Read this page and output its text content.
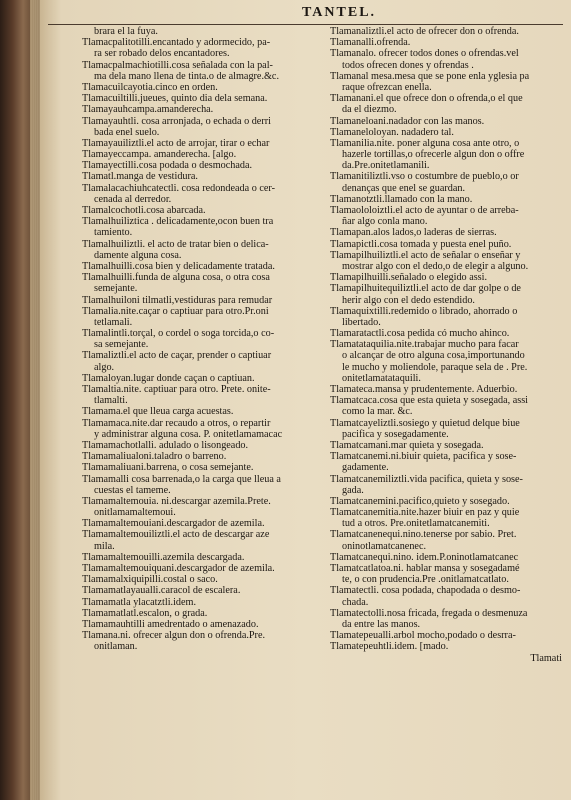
TANTEL.
brara el la fuya.
Tlamacpalitotilli.encantado y adormecido, pa-
ra ser robado delos encantadores.
Tlamacpalmachiotilli.cosa señalada con la pal-
ma dela mano llena de tinta.o de almagre.&c.
Tlamacuilcayotia.cinco en orden.
Tlamacuiltilli.jueues, quinto dia dela semana.
Tlamayauhcampa.amanderecha.
Tlamayauhtli. cosa arronjada, o echada o derri
bada enel suelo.
Tlamayauiliztli.el acto de arrojar, tirar o echar
Tlamayeccampa. amanderecha. [algo.
Tlamayectilli.cosa podada o desmochada.
Tlamatl.manga de vestidura.
Tlamalacachiuhcatectli. cosa redondeada o cer-
cenada al derredor.
Tlamalcochotli.cosa abarcada.
Tlamalhuiliztica . delicadamente,ocon buen tra
tamiento.
Tlamalhuiliztli. el acto de tratar bien o delica-
damente alguna cosa.
Tlamalhuilli.cosa bien y delicadamente tratada.
Tlamalhuilli.funda de alguna cosa, o otra cosa
semejante.
Tlamalhuiloni tilmatli,vestiduras para remudar
Tlamalia.nite.caçar o captiuar para otro.Pr.oni
tetlamali.
Tlamalintli.torçal, o cordel o soga torcida,o co-
sa semejante.
Tlamaliztli.el acto de caçar, prender o captiuar
algo.
Tlamaloyan.lugar donde caçan o captiuan.
Tlamaltia.nite. captiuar para otro. Prete. onite-
tlamalti.
Tlamama.el que lleua carga acuestas.
Tlamamaca.nite.dar recaudo a otros, o repartir
y administrar alguna cosa. P. onitetlamamacac
Tlamamachotlalli. adulado o lisongeado.
Tlamamaliualoni.taladro o barreno.
Tlamamaliuani.barrena, o cosa semejante.
Tlamamalli cosa barrenada,o la carga que lleua a
cuestas el tameme.
Tlamamaltemouia. ni.descargar azemila.Prete.
onitlamamaltemoui.
Tlamamaltemouiani.descargador de azemila.
Tlamamaltemouiliztli.el acto de descargar aze
mila.
Tlamamaltemouilli.azemila descargada.
Tlamamaltemouiquani.descargador de azemila.
Tlamamalxiquipilli.costal o saco.
Tlamamatlayaualli.caracol de escalera.
Tlamamatla ylacatztli.idem.
Tlamamatlatl.escalon, o grada.
Tlamamauhtilli amedrentado o amenazado.
Tlamana.ni. ofrecer algun don o ofrenda.Pre.
onitlaman.
Tlamanaliztli.el acto de ofrecer don o ofrenda.
Tlamanalli.ofrenda.
Tlamanalo. ofrecer todos dones o ofrendas.vel
todos ofrecen dones y ofrendas .
Tlamanal mesa.mesa que se pone enla yglesia pa
raque ofrezcan enella.
Tlamanani.el que ofrece don o ofrenda,o el que
da el diezmo.
Tlamaneloani.nadador con las manos.
Tlamaneloloyan. nadadero tal.
Tlamanilia.nite. poner alguna cosa ante otro, o
hazerle tortillas,o ofrecerle algun don o offre
da.Pre.onitetlamanili.
Tlamanitiliztli.vso o costumbre de pueblo,o or
denanças que enel se guardan.
Tlamanotztli.llamado con la mano.
Tlamaololoiztli.el acto de ayuntar o de arreba-
ñar algo conla mano.
Tlamapan.alos lados,o laderas de sierras.
Tlamapictli.cosa tomada y puesta enel puño.
Tlamapilhuiliztli.el acto de señalar o enseñar y
mostrar algo con el dedo,o de elegir a alguno.
Tlamapilhuilli.señalado o elegido assi.
Tlamapilhuitequiliztli.el acto de dar golpe o de
herir algo con el dedo estendido.
Tlamaquixtilli.redemido o librado, ahorrado o
libertado.
Tlamaratactli.cosa pedida có mucho ahinco.
Tlamatataquilia.nite.trabajar mucho para facar
o alcançar de otro alguna cosa,importunando
le mucho y moliendole, paraque sela de . Pre.
onitetlamatataquili.
Tlamateca.mansa y prudentemente. Aduerbio.
Tlamatcaca.cosa que esta quieta y sosegada, assi
como la mar. &c.
Tlamatcayeliztli.sosiego y quietud delque biue
pacifica y sosegadamente.
Tlamatcamani.mar quieta y sosegada.
Tlamatcanemi.ni.biuir quieta, pacifica y sose-
gadamente.
Tlamatcanemiliztli.vida pacifica, quieta y sose-
gada.
Tlamatcanemini.pacifico,quieto y sosegado.
Tlamatcanemitia.nite.hazer biuir en paz y quie
tud a otros. Pre.onitetlamatcanemiti.
Tlamatcanenequi.nino.tenerse por sabio. Pret.
oninotlamatcanenec.
Tlamatcanequi.nino. idem.P.oninotlamatcanec
Tlamatcatlatoa.ni. hablar mansa y sosegadamé
te, o con prudencia.Pre .onitlamatcatlato.
Tlamatectli. cosa podada, chapodada o desmo-
chada.
Tlamatectolli.nosa fricada, fregada o desmenuza
da entre las manos.
Tlamatepeualli.arbol mocho,podado o desrra-
Tlamatepeuhtli.idem. [mado.
Tlamati
